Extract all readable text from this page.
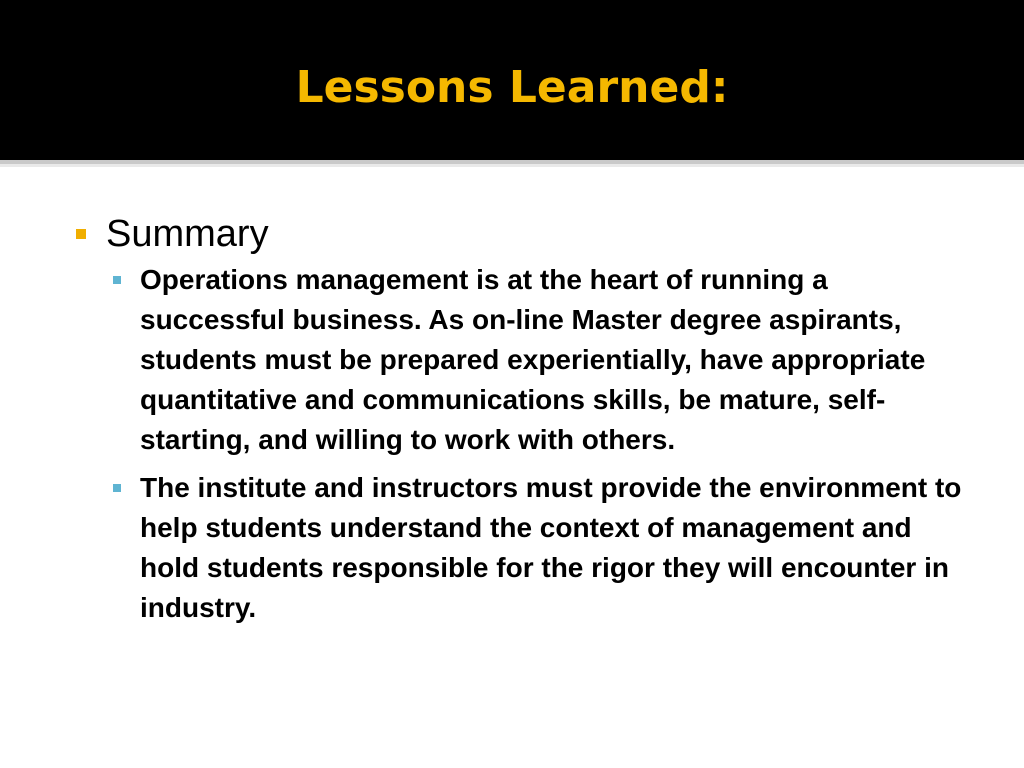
Lessons Learned:
Summary
Operations management is at the heart of running a successful business. As on-line Master degree aspirants, students must be prepared experientially, have appropriate quantitative and communications skills, be mature, self-starting, and willing to work with others.
The institute and instructors must provide the environment to help students understand the context of management and hold students responsible for the rigor they will encounter in industry.
